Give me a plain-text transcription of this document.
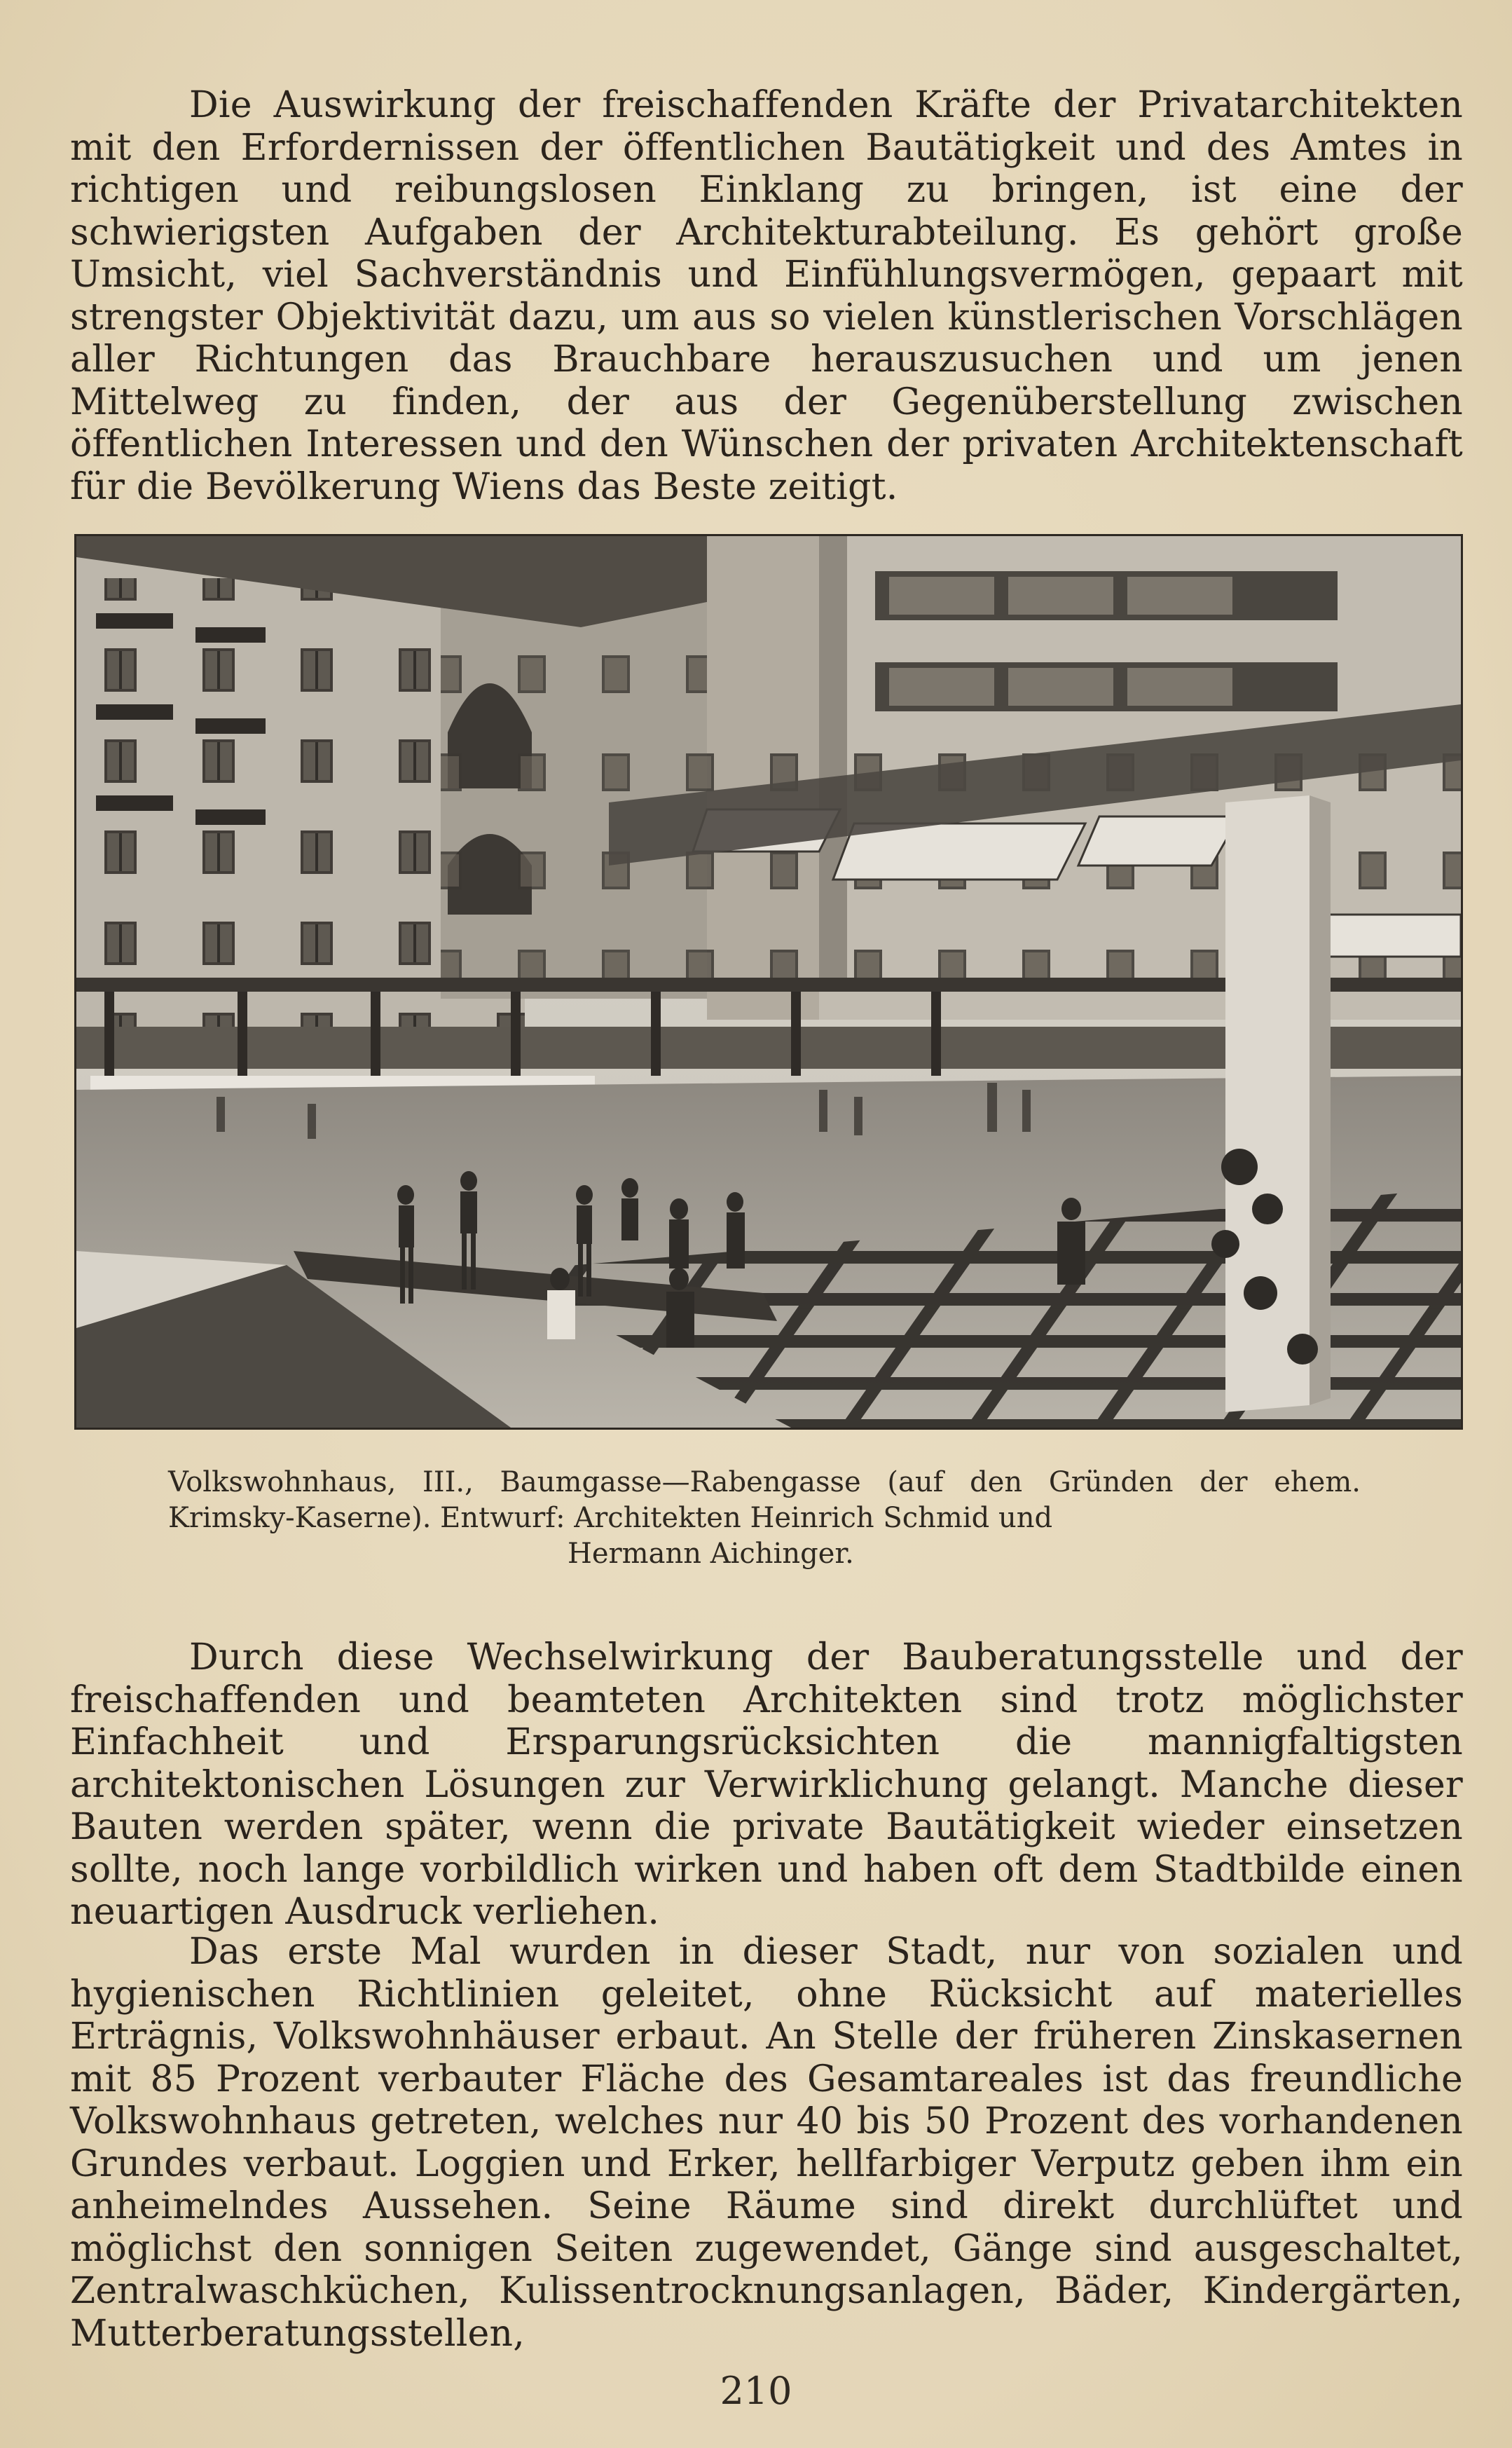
Die Auswirkung der freischaffenden Kräfte der Privatarchitekten mit den Erfordernissen der öffentlichen Bautätigkeit und des Amtes in richtigen und reibungslosen Einklang zu bringen, ist eine der schwierigsten Aufgaben der Architekturabteilung. Es gehört große Umsicht, viel Sachverständnis und Einfühlungsvermögen, gepaart mit strengster Objektivität dazu, um aus so vielen künstlerischen Vorschlägen aller Richtungen das Brauchbare herauszusuchen und um jenen Mittelweg zu finden, der aus der Gegenüberstellung zwischen öffentlichen Interessen und den Wünschen der privaten Architektenschaft für die Bevölkerung Wiens das Beste zeitigt.

Volkswohnhaus, III., Baumgasse—Rabengasse (auf den Gründen der ehem. Krimsky-Kaserne). Entwurf: Architekten Heinrich Schmid und
Hermann Aichinger.

Durch diese Wechselwirkung der Bauberatungsstelle und der freischaffenden und beamteten Architekten sind trotz möglichster Einfachheit und Ersparungsrücksichten die mannigfaltigsten architektonischen Lösungen zur Verwirklichung gelangt. Manche dieser Bauten werden später, wenn die private Bautätigkeit wieder einsetzen sollte, noch lange vorbildlich wirken und haben oft dem Stadtbilde einen neuartigen Ausdruck verliehen.

Das erste Mal wurden in dieser Stadt, nur von sozialen und hygienischen Richtlinien geleitet, ohne Rücksicht auf materielles Erträgnis, Volkswohnhäuser erbaut. An Stelle der früheren Zinskasernen mit 85 Prozent verbauter Fläche des Gesamtareales ist das freundliche Volkswohnhaus getreten, welches nur 40 bis 50 Prozent des vorhandenen Grundes verbaut. Loggien und Erker, hellfarbiger Verputz geben ihm ein anheimelndes Aussehen. Seine Räume sind direkt durchlüftet und möglichst den sonnigen Seiten zugewendet, Gänge sind ausgeschaltet, Zentralwaschküchen, Kulissentrocknungsanlagen, Bäder, Kindergärten, Mutterberatungsstellen,

210
